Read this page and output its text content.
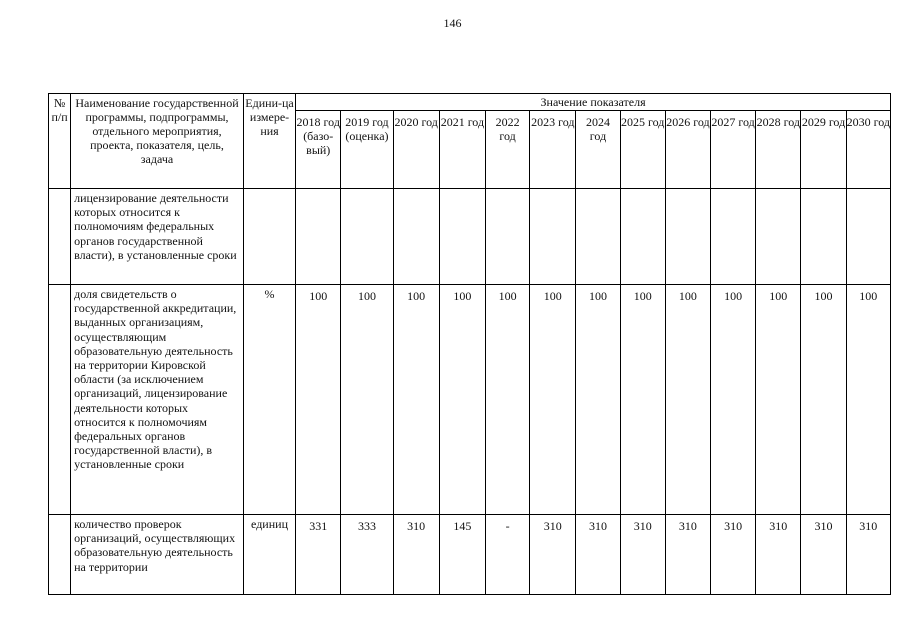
146
№ п/п	Наименование государственной программы, подпрограммы, отдельного мероприятия, проекта, показателя, цель, задача	Едини-ца измере-ния	Значение показателя												
			2018 год (базо-вый)	2019 год (оценка)	2020 год	2021 год	2022 год	2023 год	2024 год	2025 год	2026 год	2027 год	2028 год	2029 год	2030 год
	лицензирование деятельности которых относится к полномочиям федеральных органов государственной власти), в установленные сроки														
	доля свидетельств о государственной аккредитации, выданных организациям, осуществляющим образовательную деятельность на территории Кировской области (за исключением организаций, лицензирование деятельности которых относится к полномочиям федеральных органов государственной власти), в установленные сроки	%	100	100	100	100	100	100	100	100	100	100	100	100	100
	количество проверок организаций, осуществляющих образовательную деятельность на территории	единиц	331	333	310	145	-	310	310	310	310	310	310	310	310
